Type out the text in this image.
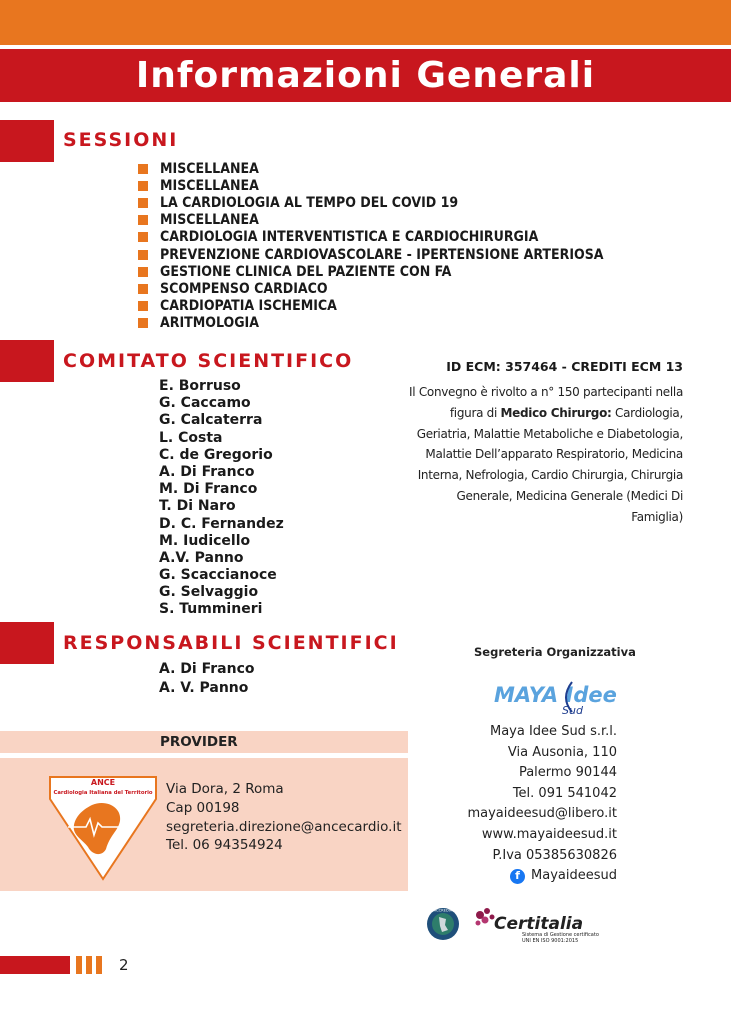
Informazioni Generali
SESSIONI
MISCELLANEA
MISCELLANEA
LA CARDIOLOGIA AL TEMPO DEL COVID 19
MISCELLANEA
CARDIOLOGIA INTERVENTISTICA E CARDIOCHIRURGIA
PREVENZIONE CARDIOVASCOLARE - IPERTENSIONE ARTERIOSA
GESTIONE CLINICA DEL PAZIENTE CON FA
SCOMPENSO CARDIACO
CARDIOPATIA ISCHEMICA
ARITMOLOGIA
COMITATO SCIENTIFICO
E. Borruso
G. Caccamo
G. Calcaterra
L. Costa
C. de Gregorio
A. Di Franco
M. Di Franco
T. Di Naro
D. C. Fernandez
M. Iudicello
A.V. Panno
G. Scaccianoce
G. Selvaggio
S. Tummineri
ID ECM: 357464 - CREDITI ECM 13

Il Convegno è rivolto a n° 150 partecipanti nella figura di Medico Chirurgo: Cardiologia, Geriatria, Malattie Metaboliche e Diabetologia, Malattie Dell’apparato Respiratorio, Medicina Interna, Nefrologia, Cardio Chirurgia, Chirurgia Generale, Medicina Generale (Medici Di Famiglia)

RESPONSABILI SCIENTIFICI
A. Di Franco
A. V. Panno
Segreteria Organizzativa
MAYA Idee
Sud
Maya Idee Sud s.r.l.
Via Ausonia, 110
Palermo 90144
Tel. 091 541042
mayaideesud@libero.it
www.mayaideesud.it
P.Iva 05385630826
f Mayaideesud
PROVIDER
ANCE
Cardiologia Italiana del Territorio Via Dora, 2 Roma
Cap 00198
segreteria.direzione@ancecardio.it
Tel. 06 94354924
ACCREDIA
Certitalia
Sistema di Gestione certificato
UNI EN ISO 9001:2015
2
